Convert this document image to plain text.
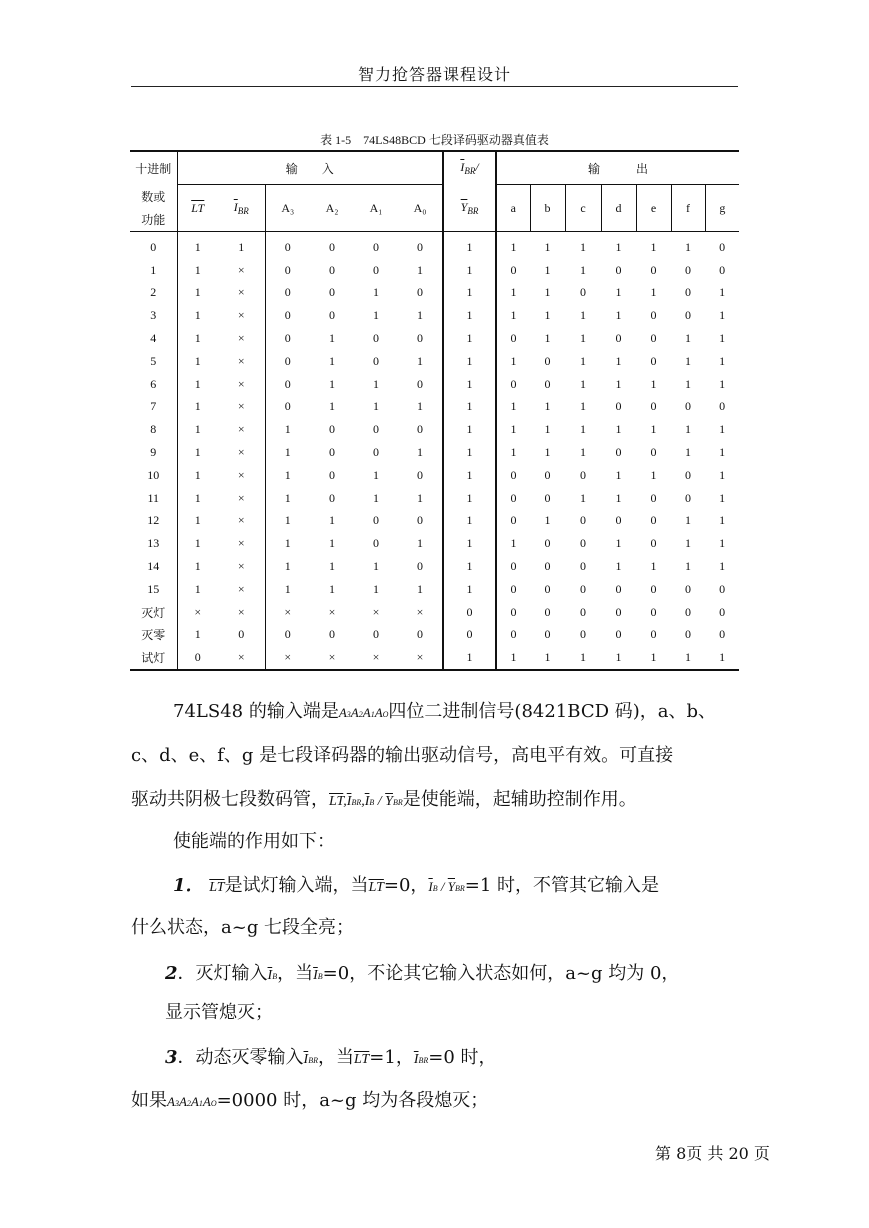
智力抢答器课程设计
表 1-5　74LS48BCD 七段译码驱动器真值表
十进制	输　　入						$\overline{I}_{BR}/$	输　　　出						

数或
功能	$\overline{LT}$	$\overline{I}_{BR}$	A₃	A₂	A₁	A₀	$\overline{Y}_{BR}$	a	b	c	d	e	f	g
0	1	1	0	0	0	0	1	1	1	1	1	1	1	0
1	1	×	0	0	0	1	1	0	1	1	0	0	0	0
2	1	×	0	0	1	0	1	1	1	0	1	1	0	1
3	1	×	0	0	1	1	1	1	1	1	1	0	0	1
4	1	×	0	1	0	0	1	0	1	1	0	0	1	1
5	1	×	0	1	0	1	1	1	0	1	1	0	1	1
6	1	×	0	1	1	0	1	0	0	1	1	1	1	1
7	1	×	0	1	1	1	1	1	1	1	0	0	0	0
8	1	×	1	0	0	0	1	1	1	1	1	1	1	1
9	1	×	1	0	0	1	1	1	1	1	0	0	1	1
10	1	×	1	0	1	0	1	0	0	0	1	1	0	1
11	1	×	1	0	1	1	1	0	0	1	1	0	0	1
12	1	×	1	1	0	0	1	0	1	0	0	0	1	1
13	1	×	1	1	0	1	1	1	0	0	1	0	1	1
14	1	×	1	1	1	0	1	0	0	0	1	1	1	1
15	1	×	1	1	1	1	1	0	0	0	0	0	0	0
灭灯	×	×	×	×	×	×	0	0	0	0	0	0	0	0
灭零	1	0	0	0	0	0	0	0	0	0	0	0	0	0
试灯	0	×	×	×	×	×	1	1	1	1	1	1	1	1
74LS48 的输入端是A3A2A1AO四位二进制信号(8421BCD 码)，a、b、
c、d、e、f、g 是七段译码器的输出驱动信号，高电平有效。可直接
驱动共阴极七段数码管，$\overline{LT},\overline{I}BR,\overline{I}B / \overline{Y}BR$是使能端，起辅助控制作用。
使能端的作用如下：
1． $\overline{LT}$是试灯输入端，当$\overline{LT}=0$，$\overline{I}B / \overline{Y}BR=1$ 时，不管其它输入是
什么状态，a~g 七段全亮；
2．灭灯输入$\overline{I}B$，当$\overline{I}B=0$，不论其它输入状态如何，a~g 均为 0，
显示管熄灭；
3．动态灭零输入$\overline{I}BR$，当$\overline{LT}=1$，$\overline{I}BR=0$ 时，
如果A3A2A1AO=0000 时，a~g 均为各段熄灭；
第 8页 共 20 页
